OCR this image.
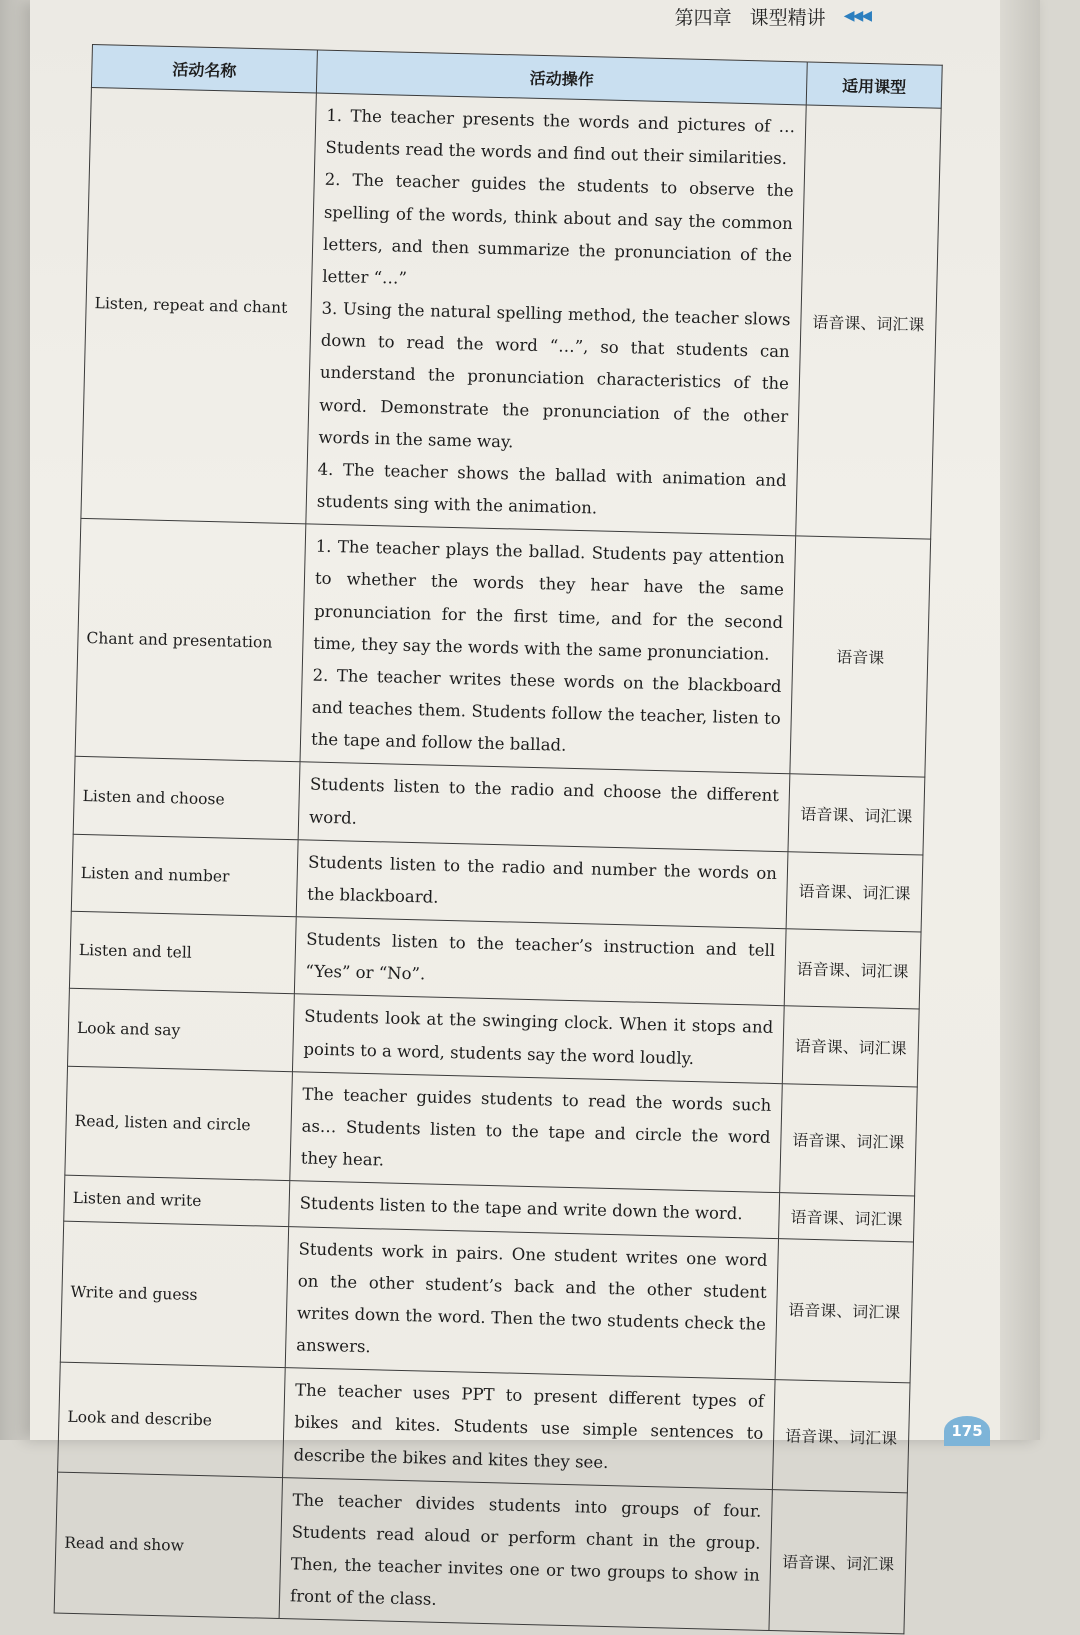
第四章 课型精讲 ◀◀◀
活动名称	活动操作	适用课型
Listen, repeat and chant	1. The teacher presents the words and pictures of … Students read the words and find out their similarities.
2. The teacher guides the students to observe the spelling of the words, think about and say the common letters, and then summarize the pronunciation of the letter “…”
3. Using the natural spelling method, the teacher slows down to read the word “…”, so that students can understand the pronunciation characteristics of the word. Demonstrate the pronunciation of the other words in the same way.
4. The teacher shows the ballad with animation and students sing with the animation.	语音课、词汇课
Chant and presentation	1. The teacher plays the ballad. Students pay attention to whether the words they hear have the same pronunciation for the first time, and for the second time, they say the words with the same pronunciation.
2. The teacher writes these words on the blackboard and teaches them. Students follow the teacher, listen to the tape and follow the ballad.	语音课
Listen and choose	Students listen to the radio and choose the different word.	语音课、词汇课
Listen and number	Students listen to the radio and number the words on the blackboard.	语音课、词汇课
Listen and tell	Students listen to the teacher’s instruction and tell “Yes” or “No”.	语音课、词汇课
Look and say	Students look at the swinging clock. When it stops and points to a word, students say the word loudly.	语音课、词汇课
Read, listen and circle	The teacher guides students to read the words such as… Students listen to the tape and circle the word they hear.	语音课、词汇课
Listen and write	Students listen to the tape and write down the word.	语音课、词汇课
Write and guess	Students work in pairs. One student writes one word on the other student’s back and the other student writes down the word. Then the two students check the answers.	语音课、词汇课
Look and describe	The teacher uses PPT to present different types of bikes and kites. Students use simple sentences to describe the bikes and kites they see.	语音课、词汇课
Read and show	The teacher divides students into groups of four. Students read aloud or perform chant in the group. Then, the teacher invites one or two groups to show in front of the class.	语音课、词汇课
175
